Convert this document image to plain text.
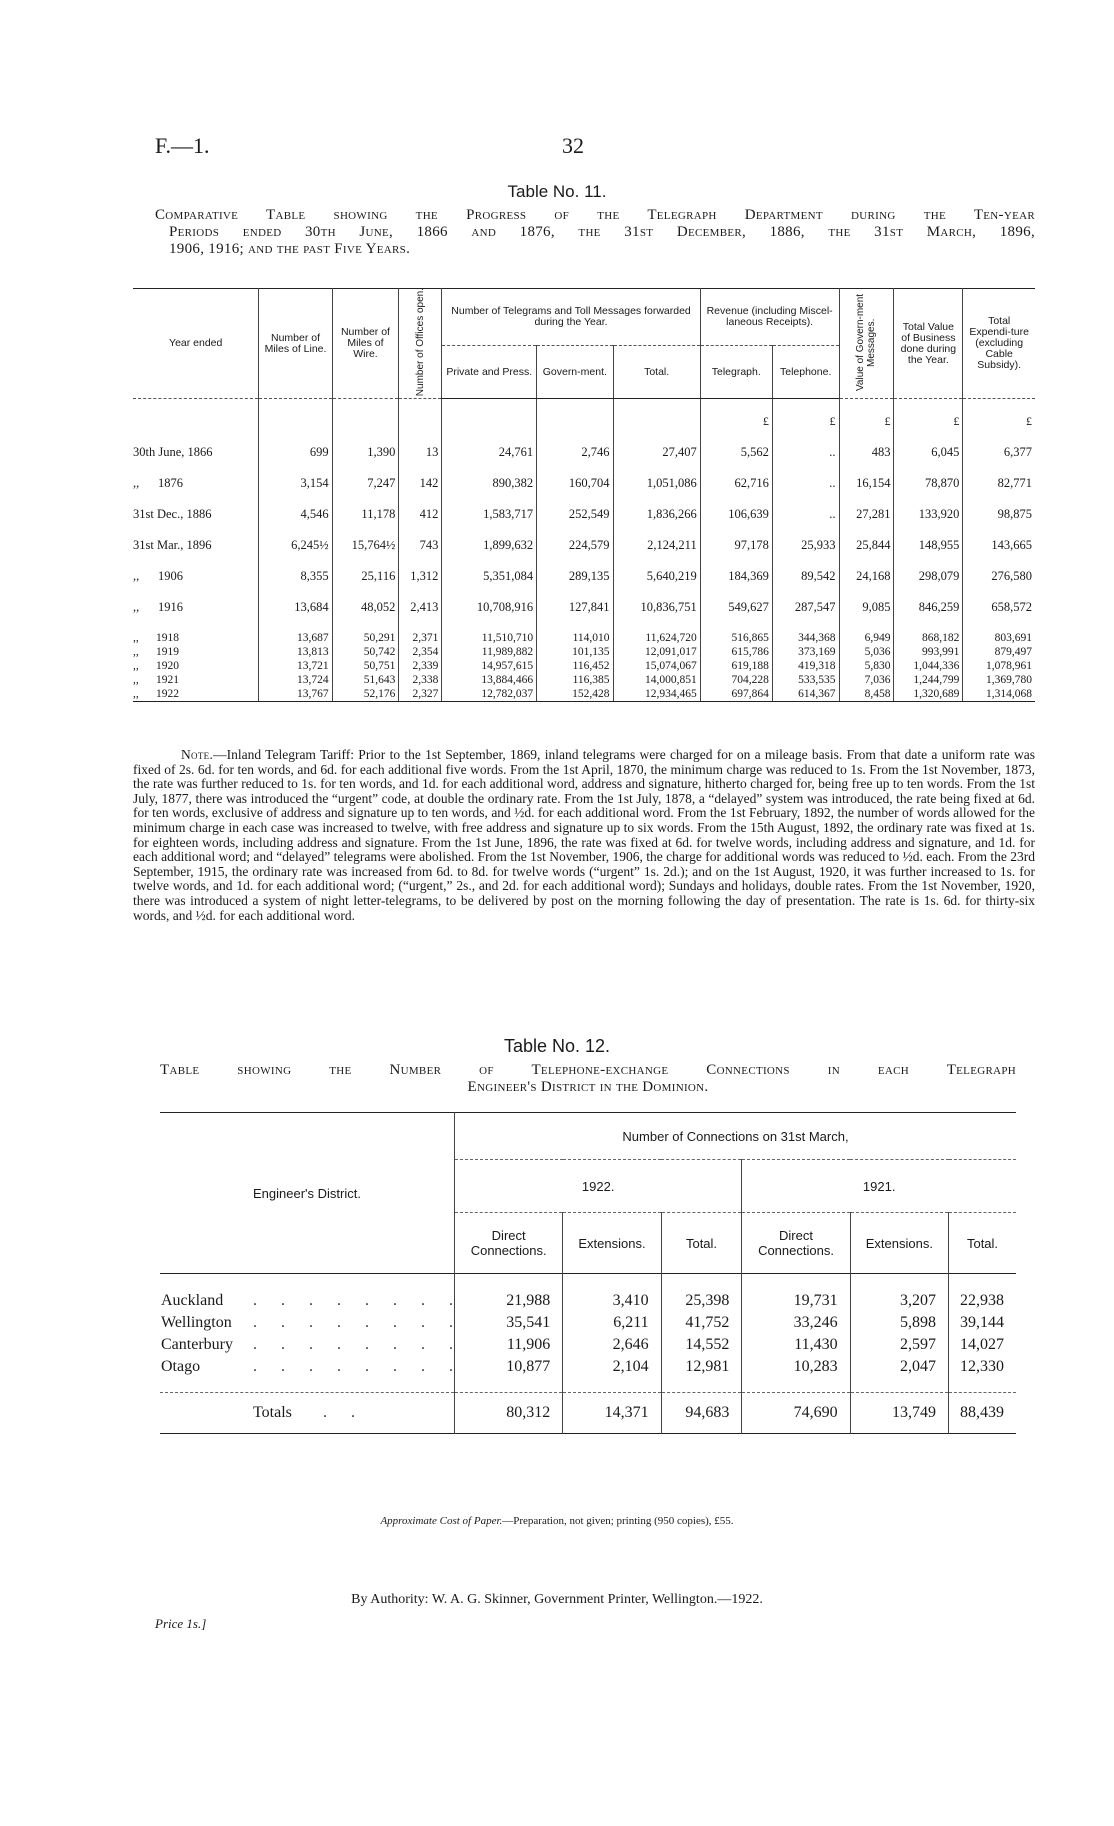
F.—1.	32
Table No. 11.
Comparative Table showing the Progress of the Telegraph Department during the Ten-year
Periods ended 30th June, 1866 and 1876, the 31st December, 1886, the 31st March, 1896,
1906, 1916; and the past Five Years.
Year ended	Number of Miles of Line.	Number of Miles of Wire.	Number of Offices open.	Number of Telegrams and Toll Messages forwarded during the Year.			Revenue (including Miscel-laneous Receipts).		Value of Govern-ment Messages.	Total Value of Business done during the Year.	Total Expendi-ture (excluding Cable Subsidy).
				Private and Press.	Govern-ment.	Total.	Telegraph.	Telephone.			
							£	£	£	£	£
30th June, 1866	699	1,390	13	24,761	2,746	27,407	5,562	..	483	6,045	6,377
,,      1876	3,154	7,247	142	890,382	160,704	1,051,086	62,716	..	16,154	78,870	82,771
31st Dec., 1886	4,546	11,178	412	1,583,717	252,549	1,836,266	106,639	..	27,281	133,920	98,875
31st Mar., 1896	6,245½	15,764½	743	1,899,632	224,579	2,124,211	97,178	25,933	25,844	148,955	143,665
,,      1906	8,355	25,116	1,312	5,351,084	289,135	5,640,219	184,369	89,542	24,168	298,079	276,580
,,      1916	13,684	48,052	2,413	10,708,916	127,841	10,836,751	549,627	287,547	9,085	846,259	658,572

,,      1918	13,687	50,291	2,371	11,510,710	114,010	11,624,720	516,865	344,368	6,949	868,182	803,691
,,      1919	13,813	50,742	2,354	11,989,882	101,135	12,091,017	615,786	373,169	5,036	993,991	879,497
,,      1920	13,721	50,751	2,339	14,957,615	116,452	15,074,067	619,188	419,318	5,830	1,044,336	1,078,961
,,      1921	13,724	51,643	2,338	13,884,466	116,385	14,000,851	704,228	533,535	7,036	1,244,799	1,369,780
,,      1922	13,767	52,176	2,327	12,782,037	152,428	12,934,465	697,864	614,367	8,458	1,320,689	1,314,068
Note.—Inland Telegram Tariff: Prior to the 1st September, 1869, inland telegrams were charged for on a mileage basis. From that date a uniform rate was fixed of 2s. 6d. for ten words, and 6d. for each additional five words. From the 1st April, 1870, the minimum charge was reduced to 1s. From the 1st November, 1873, the rate was further reduced to 1s. for ten words, and 1d. for each additional word, address and signature, hitherto charged for, being free up to ten words. From the 1st July, 1877, there was introduced the “urgent” code, at double the ordinary rate. From the 1st July, 1878, a “delayed” system was introduced, the rate being fixed at 6d. for ten words, exclusive of address and signature up to ten words, and ½d. for each additional word. From the 1st February, 1892, the number of words allowed for the minimum charge in each case was increased to twelve, with free address and signature up to six words. From the 15th August, 1892, the ordinary rate was fixed at 1s. for eighteen words, including address and signature. From the 1st June, 1896, the rate was fixed at 6d. for twelve words, including address and signature, and 1d. for each additional word; and “delayed” telegrams were abolished. From the 1st November, 1906, the charge for additional words was reduced to ½d. each. From the 23rd September, 1915, the ordinary rate was increased from 6d. to 8d. for twelve words (“urgent” 1s. 2d.); and on the 1st August, 1920, it was further increased to 1s. for twelve words, and 1d. for each additional word; (“urgent,” 2s., and 2d. for each additional word); Sundays and holidays, double rates. From the 1st November, 1920, there was introduced a system of night letter-telegrams, to be delivered by post on the morning following the day of presentation. The rate is 1s. 6d. for thirty-six words, and ½d. for each additional word.
Table No. 12.
Table showing the Number of Telephone-exchange Connections in each Telegraph
Engineer's District in the Dominion.
Engineer's District.	Number of Connections on 31st March,					
	1922.			1921.		
	Direct Connections.	Extensions.	Total.	Direct Connections.	Extensions.	Total.

Auckland ........	21,988	3,410	25,398	19,731	3,207	22,938
Wellington ........	35,541	6,211	41,752	33,246	5,898	39,144
Canterbury ........	11,906	2,646	14,552	11,430	2,597	14,027
Otago ........	10,877	2,104	12,981	10,283	2,047	12,330

Totals ..	80,312	14,371	94,683	74,690	13,749	88,439

Approximate Cost of Paper.—Preparation, not given; printing (950 copies), £55.
By Authority: W. A. G. Skinner, Government Printer, Wellington.—1922.
Price 1s.]
